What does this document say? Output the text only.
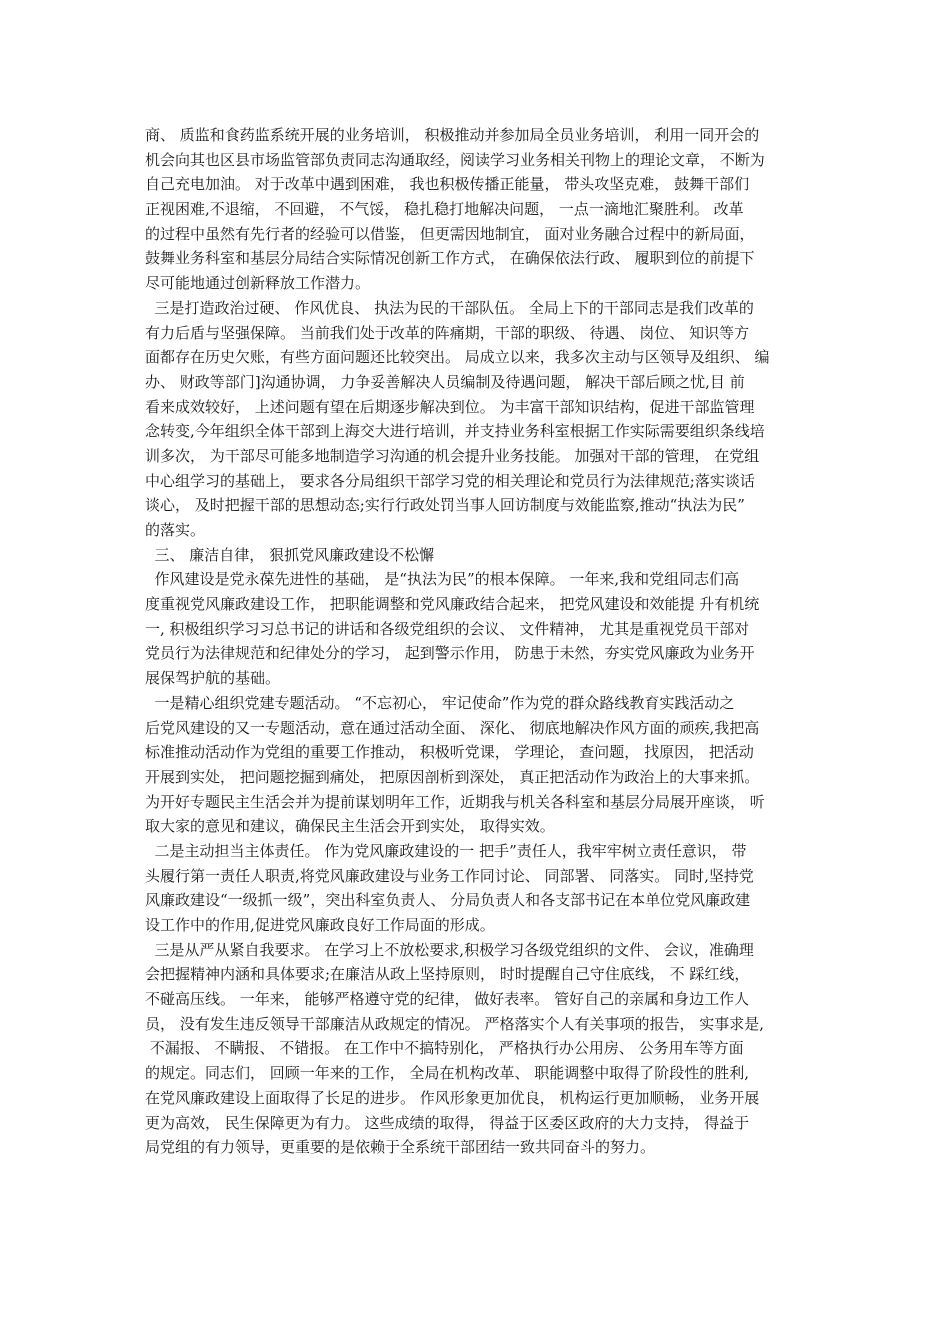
商、 质监和食药监系统开展的业务培训， 积极推动并参加局全员业务培训， 利用一同开会的
机会向其也区县市场监管部负责同志沟通取经，阅读学习业务相关刊物上的理论文章， 不断为
自己充电加油。 对于改革中遇到困难， 我也积极传播正能量， 带头攻坚克难， 鼓舞干部们
正视困难,不退缩， 不回避， 不气馁， 稳扎稳打地解决问题， 一点一滴地汇聚胜利。 改革
的过程中虽然有先行者的经验可以借鉴， 但更需因地制宜， 面对业务融合过程中的新局面，
鼓舞业务科室和基层分局结合实际情况创新工作方式， 在确保依法行政、 履职到位的前提下
尽可能地通过创新释放工作潜力。
三是打造政治过硬、 作风优良、 执法为民的干部队伍。 全局上下的干部同志是我们改革的
有力后盾与坚强保障。 当前我们处于改革的阵痛期，干部的职级、 待遇、 岗位、 知识等方
面都存在历史欠账，有些方面问题还比较突出。 局成立以来，我多次主动与区领导及组织、 编
办、 财政等部门]沟通协调， 力争妥善解决人员编制及待遇问题， 解决干部后顾之忧,目 前
看来成效较好， 上述问题有望在后期逐步解决到位。 为丰富干部知识结构，促进干部监管理
念转变,今年组织全体干部到上海交大进行培训，并支持业务科室根据工作实际需要组织条线培
训多次， 为干部尽可能多地制造学习沟通的机会提升业务技能。 加强对干部的管理， 在党组
中心组学习的基础上， 要求各分局组织干部学习党的相关理论和党员行为法律规范;落实谈话
谈心， 及时把握干部的思想动态;实行行政处罚当事人回访制度与效能监察,推动“执法为民”
的落实。
三、 廉洁自律， 狠抓党风廉政建设不松懈
作风建设是党永葆先进性的基础， 是“执法为民”的根本保障。 一年来,我和党组同志们高
度重视党风廉政建设工作， 把职能调整和党风廉政结合起来， 把党风建设和效能提 升有机统
一, 积极组织学习习总书记的讲话和各级党组织的会议、 文件精神， 尤其是重视党员干部对
党员行为法律规范和纪律处分的学习， 起到警示作用， 防患于未然，夯实党风廉政为业务开
展保驾护航的基础。
一是精心组织党建专题活动。 “不忘初心， 牢记使命”作为党的群众路线教育实践活动之
后党风建设的又一专题活动，意在通过活动全面、 深化、 彻底地解决作风方面的顽疾,我把高
标准推动活动作为党组的重要工作推动， 积极听党课， 学理论， 查问题， 找原因， 把活动
开展到实处， 把问题挖掘到痛处， 把原因剖析到深处， 真正把活动作为政治上的大事来抓。
为开好专题民主生活会并为提前谋划明年工作，近期我与机关各科室和基层分局展开座谈， 听
取大家的意见和建议，确保民主生活会开到实处， 取得实效。
二是主动担当主体责任。 作为党风廉政建设的一 把手”责任人，我牢牢树立责任意识， 带
头履行第一责任人职责,将党风廉政建设与业务工作同讨论、 同部署、 同落实。 同时,坚持党
风廉政建设“一级抓一级”，突出科室负责人、 分局负责人和各支部书记在本单位党风廉政建
设工作中的作用,促进党风廉政良好工作局面的形成。
三是从严从紧自我要求。 在学习上不放松要求,积极学习各级党组织的文件、 会议，准确理
会把握精神内涵和具体要求;在廉洁从政上坚持原则， 时时提醒自己守住底线， 不 踩红线，
不碰高压线。 一年来， 能够严格遵守党的纪律， 做好表率。 管好自己的亲属和身边工作人
员， 没有发生违反领导干部廉洁从政规定的情况。 严格落实个人有关事项的报告， 实事求是,
不漏报、 不瞒报、 不错报。 在工作中不搞特别化， 严格执行办公用房、 公务用车等方面
的规定。同志们， 回顾一年来的工作， 全局在机构改革、 职能调整中取得了阶段性的胜利,
在党风廉政建设上面取得了长足的进步。 作风形象更加优良， 机构运行更加顺畅， 业务开展
更为高效， 民生保障更为有力。 这些成绩的取得， 得益于区委区政府的大力支持， 得益于
局党组的有力领导，更重要的是依赖于全系统干部团结一致共同奋斗的努力。
